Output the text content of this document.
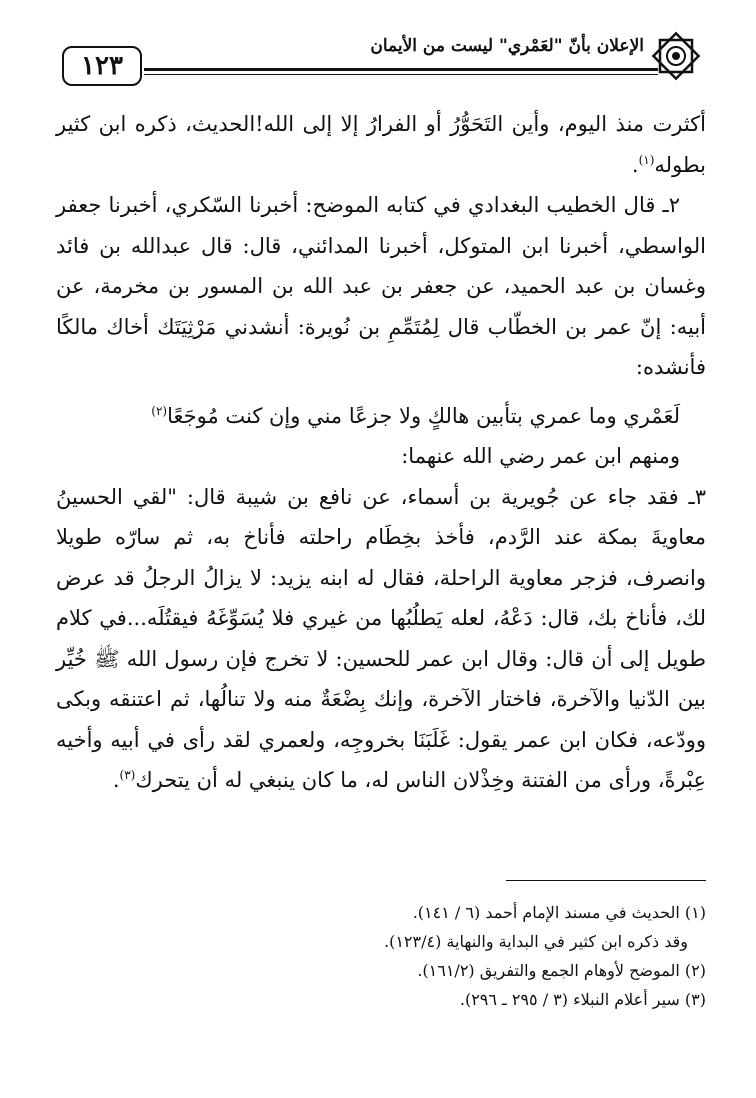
الإعلان بأنّ "لعَمْري" ليست من الأيمان
١٢٣

أكثرت منذ اليوم، وأين التَحَوُّرُ أو الفرارُ إلا إلى الله!الحديث، ذكره ابن كثير بطوله$^{(١)}$.

٢ـ قال الخطيب البغدادي في كتابه الموضح: أخبرنا السّكري، أخبرنا جعفر الواسطي، أخبرنا ابن المتوكل، أخبرنا المدائني، قال: قال عبدالله بن فائد وغسان بن عبد الحميد، عن جعفر بن عبد الله بن المسور بن مخرمة، عن أبيه: إنّ عمر بن الخطّاب قال لِمُتَمِّمِ بن نُويرة: أنشدني مَرْثِيَتَك أخاك مالكًا فأنشده:

لَعَمْري وما عمري بتأبين هالكٍ ولا جزعًا مني وإن كنت مُوجَعًا$^{(٢)}$

ومنهم ابن عمر رضي الله عنهما:

٣ـ فقد جاء عن جُويرية بن أسماء، عن نافع بن شيبة قال: "لقي الحسينُ معاويةَ بمكة عند الرَّدم، فأخذ بخِطَام راحلته فأناخ به، ثم سارّه طويلا وانصرف، فزجر معاوية الراحلة، فقال له ابنه يزيد: لا يزالُ الرجلُ قد عرض لك، فأناخ بك، قال: دَعْهُ، لعله يَطلُبُها من غيري فلا يُسَوِّغَهُ فيقتُلَه...في كلام طويل إلى أن قال: وقال ابن عمر للحسين: لا تخرج فإن رسول الله ﷺ خُيِّر بين الدّنيا والآخرة، فاختار الآخرة، وإنك بِضْعَةٌ منه ولا تنالُها، ثم اعتنقه وبكى وودّعه، فكان ابن عمر يقول: غَلَبَنَا بخروجِه، ولعمري لقد رأى في أبيه وأخيه عِبْرةً، ورأى من الفتنة وخِذْلان الناس له، ما كان ينبغي له أن يتحرك$^{(٣)}$.

(١) الحديث في مسند الإمام أحمد (٦ / ١٤١).

وقد ذكره ابن كثير في البداية والنهاية (١٢٣/٤).

(٢) الموضح لأوهام الجمع والتفريق (١٦١/٢).

(٣) سير أعلام النبلاء (٣ / ٢٩٥ ـ ٢٩٦).
